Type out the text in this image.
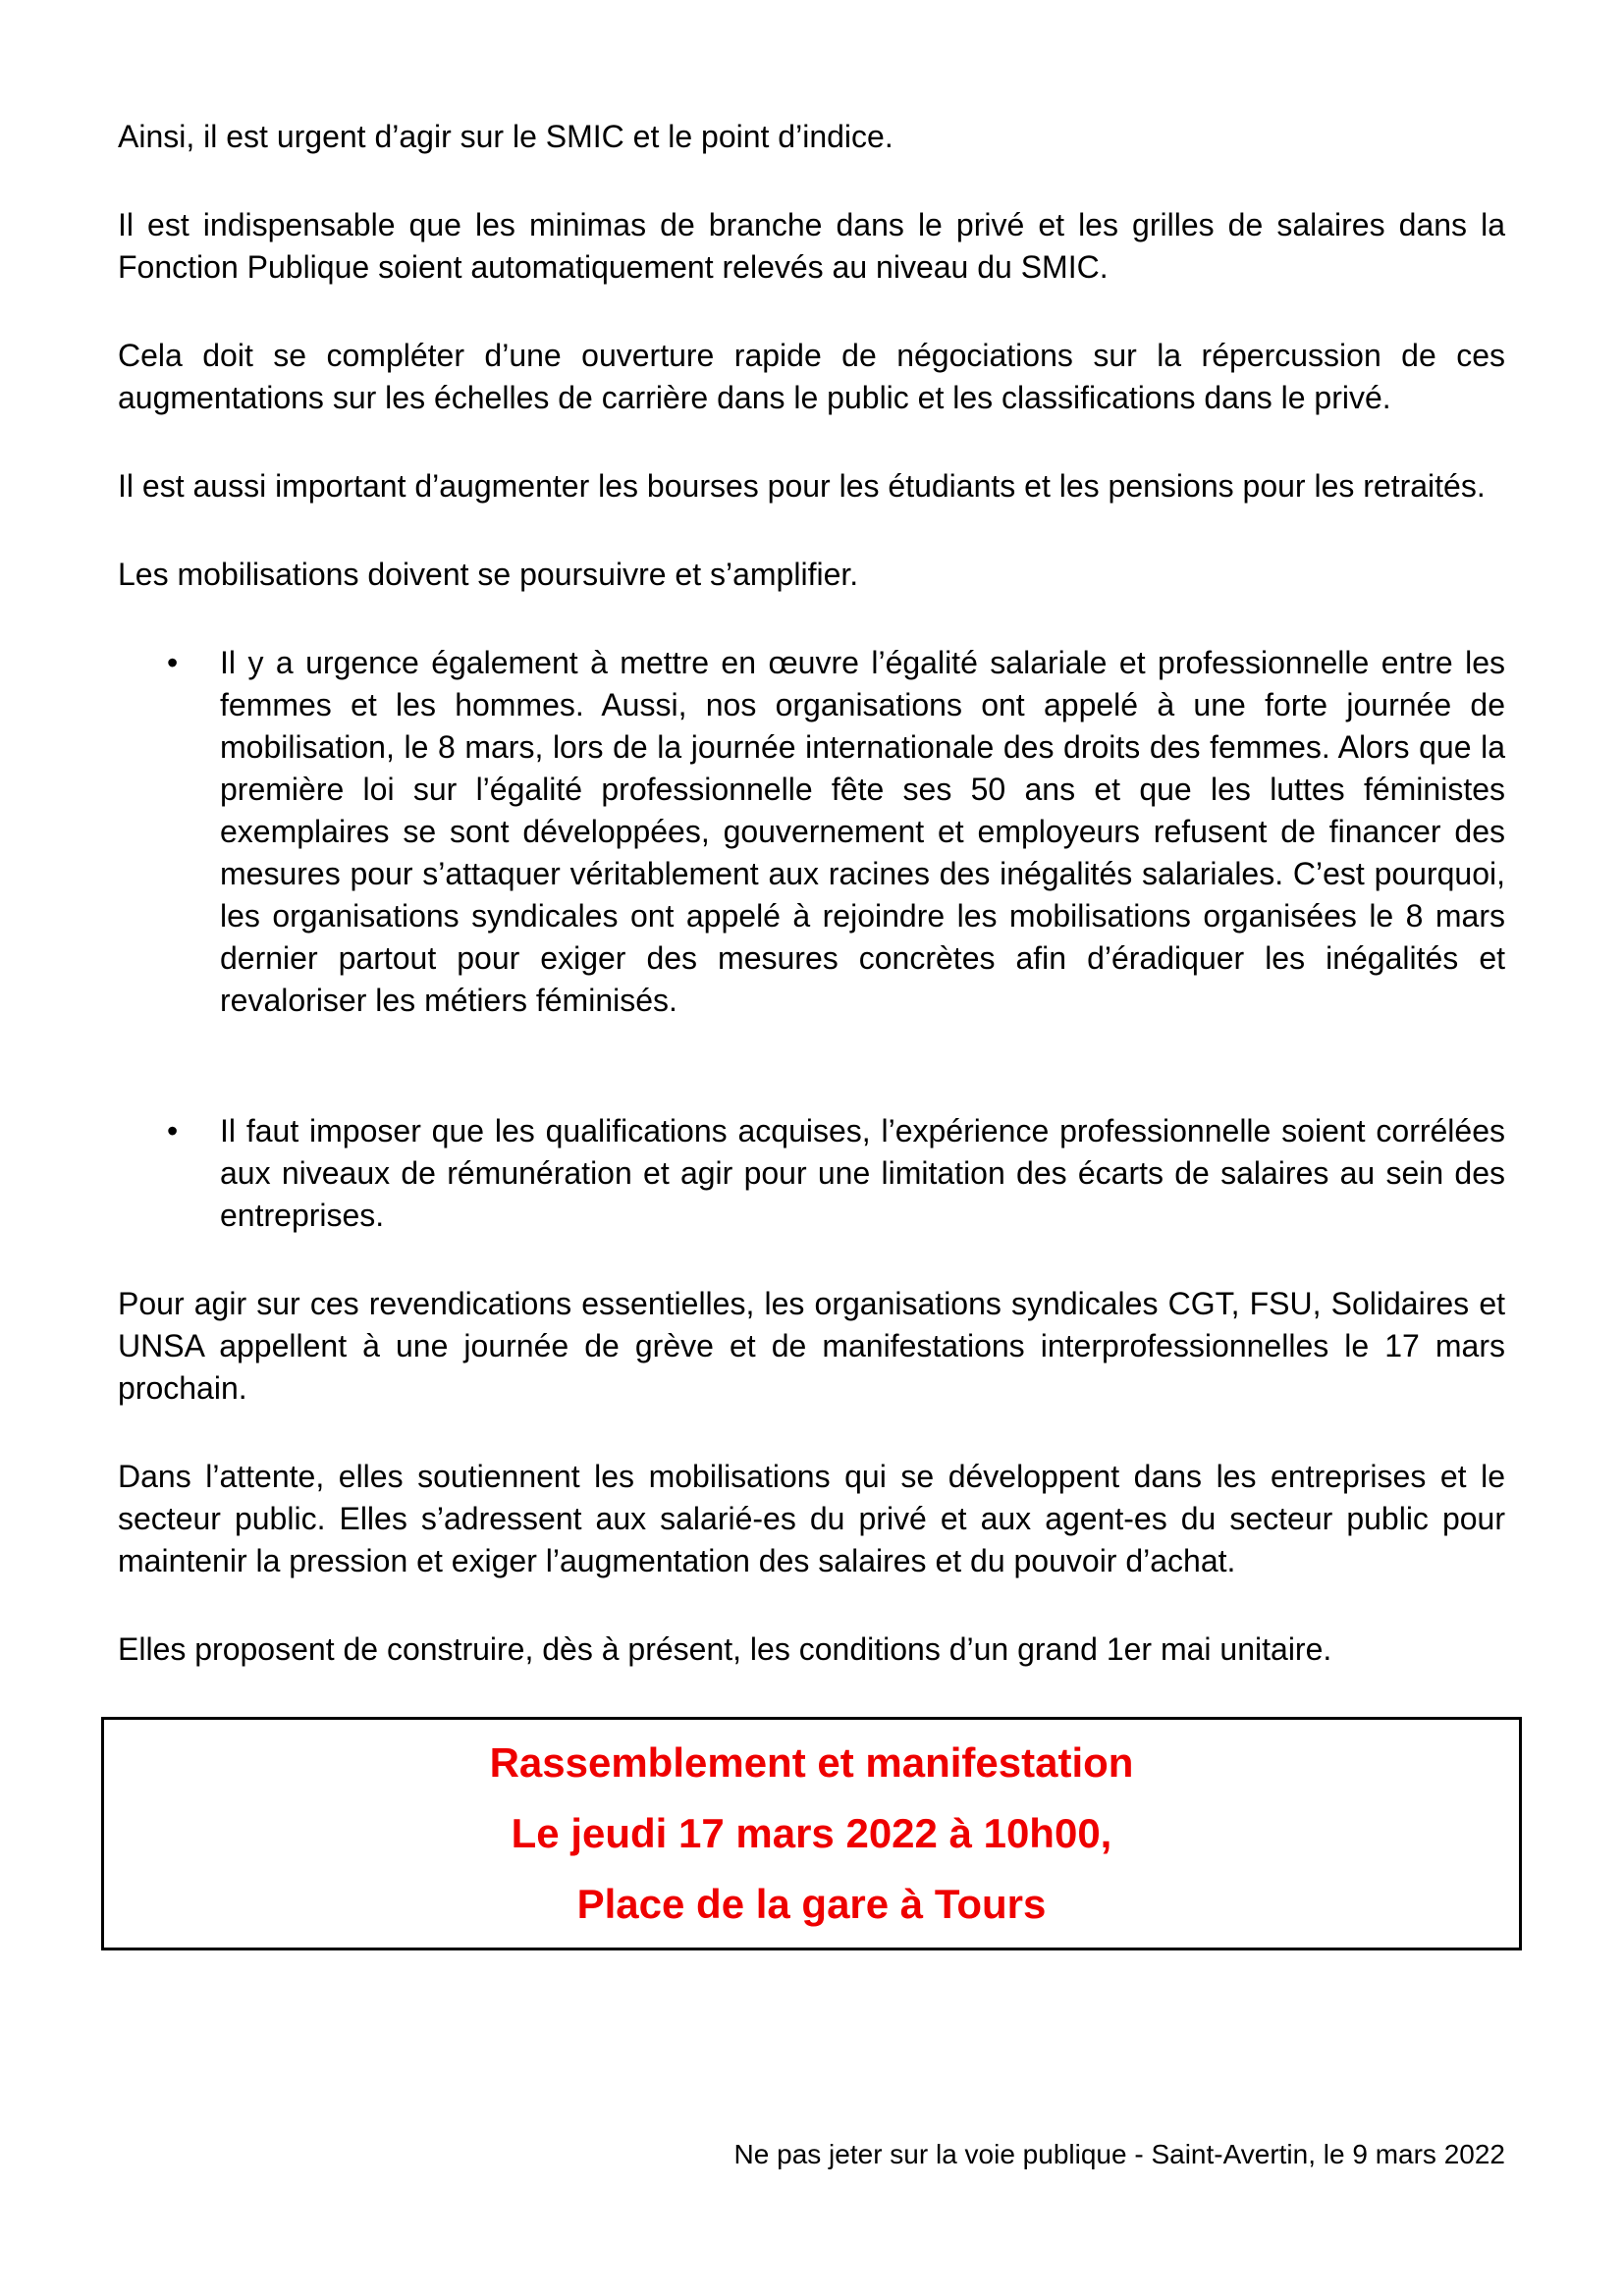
Ainsi, il est urgent d’agir sur le SMIC et le point d’indice.

Il est indispensable que les minimas de branche dans le privé et les grilles de salaires dans la Fonction Publique soient automatiquement relevés au niveau du SMIC.

Cela doit se compléter d’une ouverture rapide de négociations sur la répercussion de ces augmentations sur les échelles de carrière dans le public et les classifications dans le privé.

Il est aussi important d’augmenter les bourses pour les étudiants et les pensions pour les retraités.

Les mobilisations doivent se poursuivre et s’amplifier.

• Il y a urgence également à mettre en œuvre l’égalité salariale et professionnelle entre les femmes et les hommes. Aussi, nos organisations ont appelé à une forte journée de mobilisation, le 8 mars, lors de la journée internationale des droits des femmes. Alors que la première loi sur l’égalité professionnelle fête ses 50 ans et que les luttes féministes exemplaires se sont développées, gouvernement et employeurs refusent de financer des mesures pour s’attaquer véritablement aux racines des inégalités salariales. C’est pourquoi, les organisations syndicales ont appelé à rejoindre les mobilisations organisées le 8 mars dernier partout pour exiger des mesures concrètes afin d’éradiquer les inégalités et revaloriser les métiers féminisés.
• Il faut imposer que les qualifications acquises, l’expérience professionnelle soient corrélées aux niveaux de rémunération et agir pour une limitation des écarts de salaires au sein des entreprises.

Pour agir sur ces revendications essentielles, les organisations syndicales CGT, FSU, Solidaires et UNSA appellent à une journée de grève et de manifestations interprofessionnelles le 17 mars prochain.

Dans l’attente, elles soutiennent les mobilisations qui se développent dans les entreprises et le secteur public. Elles s’adressent aux salarié-es du privé et aux agent-es du secteur public pour maintenir la pression et exiger l’augmentation des salaires et du pouvoir d’achat.

Elles proposent de construire, dès à présent, les conditions d’un grand 1er mai unitaire.

Rassemblement et manifestation
Le jeudi 17 mars 2022 à 10h00,
Place de la gare à Tours
Ne pas jeter sur la voie publique - Saint-Avertin, le 9 mars 2022
